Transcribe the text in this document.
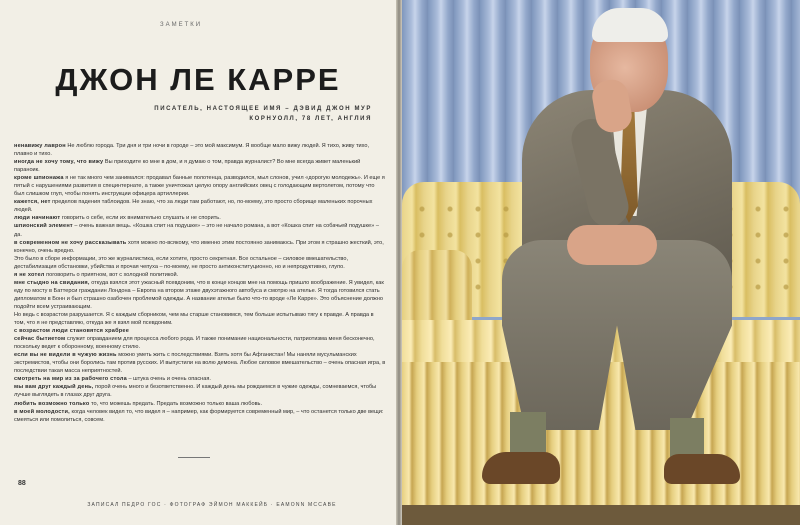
ЗАМЕТКИ
ДЖОН ЛЕ КАРРЕ
ПИСАТЕЛЬ, НАСТОЯЩЕЕ ИМЯ – ДЭВИД ДЖОН МУР
КОРНУОЛЛ, 78 ЛЕТ, АНГЛИЯ

ненавижу лаврон Не люблю города. Три дня и три ночи в городе – это мой максимум. Я вообще мало вижу людей. Я тихо, живу тихо, плавно и тихо.

иногда не хочу тому, что вижу Вы приходите ко мне в дом, и я думаю о том, правда журналист? Во мне всегда живет маленький параноик.

кроме шпионажа я не так много чем занимался: продавал банные полотенца, разводился, мыл слонов, учил «дорогую молодежь». И еще я пятый с нарушениями развития в специнтернате, а также уничтожал целую опору английских овец с голодающим вертолетом, потому что был слишком глуп, чтобы понять инструкции офицера артиллерии.

кажется, нет пределов падения таблоидов. Не знаю, что за люди там работают, но, по-моему, это просто сборище маленьких порочных людей.

люди начинают говорить о себе, если их внимательно слушать и не спорить.

шпионский элемент – очень важная вещь. «Кошка спит на подушке» – это не начало романа, а вот «Кошка спит на собачьей подушке» – да.

в современном не хочу рассказывать хотя можно по-всякому, что именно этим постоянно занимаюсь. При этом я страшно жесткий, это, конечно, очень вредно.

Это было в сборе информации, это же журналистика, если хотите, просто секретная. Все остальное – силовое вмешательство, дестабилизация обстановки, убийства и прочая чепуха – по-моему, не просто антиконституционно, но и непродуктивно, глупо.

я не хотел поговорить о приятном, вот с холодной политикой.

мне стыдно на свидания, откуда взялся этот ужасный псевдоним, что в конце концов мне на помощь пришло воображение. Я увидел, как еду по мосту в Баттерси гражданин Лондона – Европа на втором этаже двухэтажного автобуса и смотрю на ателье. Я тогда готовился стать дипломатом в Бонн и был страшно озабочен проблемой одежды. А название ателье было что-то вроде «Ле Карре». Это объяснение должно подойти всем устраивающим.

Но ведь с возрастом разрушается. Я с каждым сборником, чем мы старше становимся, тем больше испытываю тягу к правде. А правда в том, что я не представляю, откуда же я взял мой псевдоним.

с возрастом люди становятся храбрее

сейчас бытиетом служит оправданием для процесса любого рода. И также понимание национальности, патриотизма меня бесконечно, поскольку ведет к оборонному, военному стилю.

если вы не видели в чужую жизнь можно уметь жить с последствиями. Взять хотя бы Афганистан! Мы наняли мусульманских экстремистов, чтобы они боролись там против русских. И выпустили на волю демона. Любое силовое вмешательство – очень опасная игра, в последствии такая масса неприятностей.

смотреть на мир из за рабочего стола – штука очень и очень опасная.

мы вам друг каждый день, порой очень много и безответственно. И каждый день мы рождаемся в чужие одежды, сомневаемся, чтобы лучше выглядеть в глазах друг друга.

любить возможно только то, что можешь предать. Предать возможно только ваша любовь.

в моей молодости, когда человек видел то, что видел я – например, как формируется современный мир, – что останется только две вещи: смеяться или помолиться, совсем.

88
ЗАПИСАЛ ПЕДРО ГОС · ФОТОГРАФ ЭЙМОН МАККЕЙБ · EAMONN MCCABE
